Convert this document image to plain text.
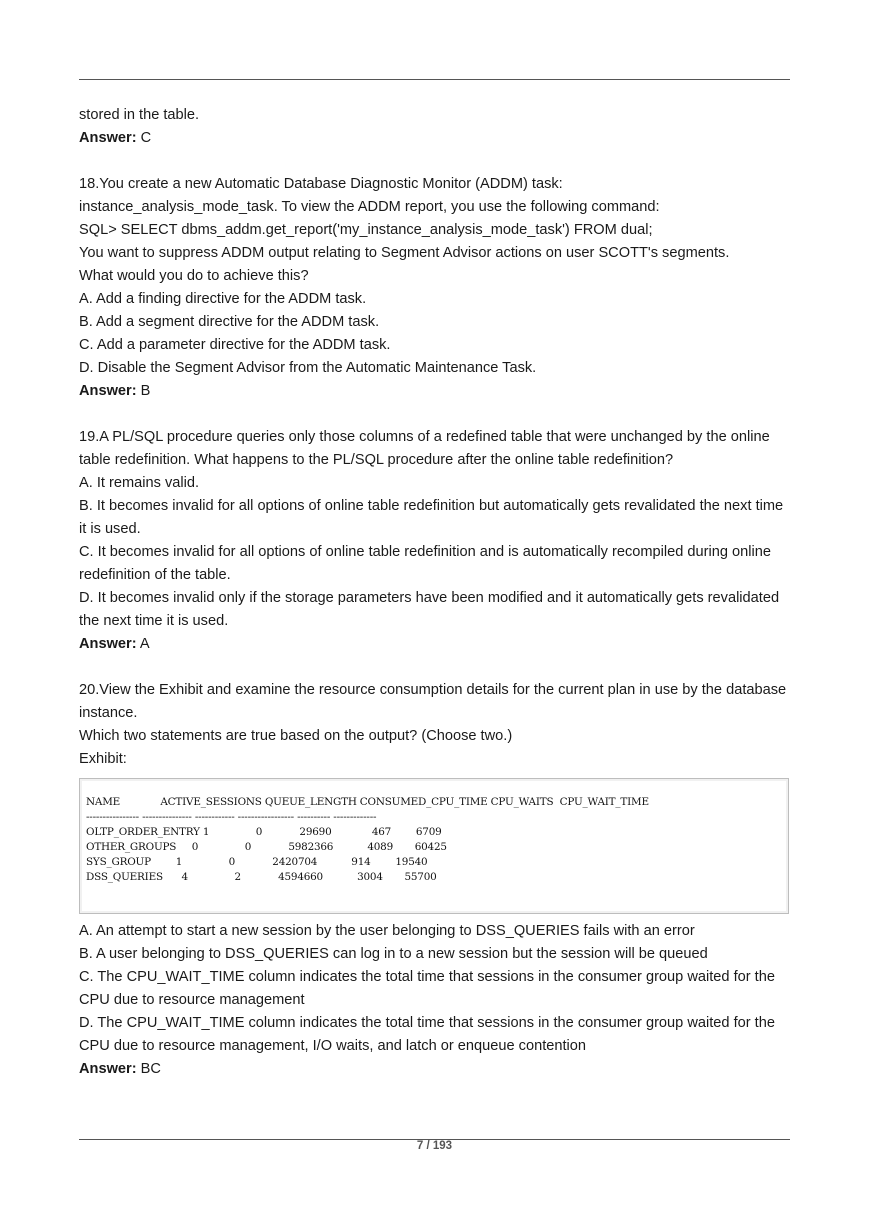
stored in the table.
Answer: C
18.You create a new Automatic Database Diagnostic Monitor (ADDM) task:
instance_analysis_mode_task. To view the ADDM report, you use the following command:
SQL> SELECT dbms_addm.get_report('my_instance_analysis_mode_task') FROM dual;
You want to suppress ADDM output relating to Segment Advisor actions on user SCOTT's segments.
What would you do to achieve this?
A. Add a finding directive for the ADDM task.
B. Add a segment directive for the ADDM task.
C. Add a parameter directive for the ADDM task.
D. Disable the Segment Advisor from the Automatic Maintenance Task.
Answer: B
19.A PL/SQL procedure queries only those columns of a redefined table that were unchanged by the online table redefinition. What happens to the PL/SQL procedure after the online table redefinition?
A. It remains valid.
B. It becomes invalid for all options of online table redefinition but automatically gets revalidated the next time it is used.
C. It becomes invalid for all options of online table redefinition and is automatically recompiled during online redefinition of the table.
D. It becomes invalid only if the storage parameters have been modified and it automatically gets revalidated the next time it is used.
Answer: A
20.View the Exhibit and examine the resource consumption details for the current plan in use by the database instance.
Which two statements are true based on the output? (Choose two.)
Exhibit:
NAME             ACTIVE_SESSIONS QUEUE_LENGTH CONSUMED_CPU_TIME CPU_WAITS  CPU_WAIT_TIME
---------------- --------------- ------------ ----------------- ---------- -------------
OLTP_ORDER_ENTRY 1               0            29690             467        6709
OTHER_GROUPS     0               0            5982366           4089       60425
SYS_GROUP        1               0            2420704           914        19540
DSS_QUERIES      4               2            4594660           3004       55700
A. An attempt to start a new session by the user belonging to DSS_QUERIES fails with an error
B. A user belonging to DSS_QUERIES can log in to a new session but the session will be queued
C. The CPU_WAIT_TIME column indicates the total time that sessions in the consumer group waited for the CPU due to resource management
D. The CPU_WAIT_TIME column indicates the total time that sessions in the consumer group waited for the CPU due to resource management, I/O waits, and latch or enqueue contention
Answer: BC
7 / 193
